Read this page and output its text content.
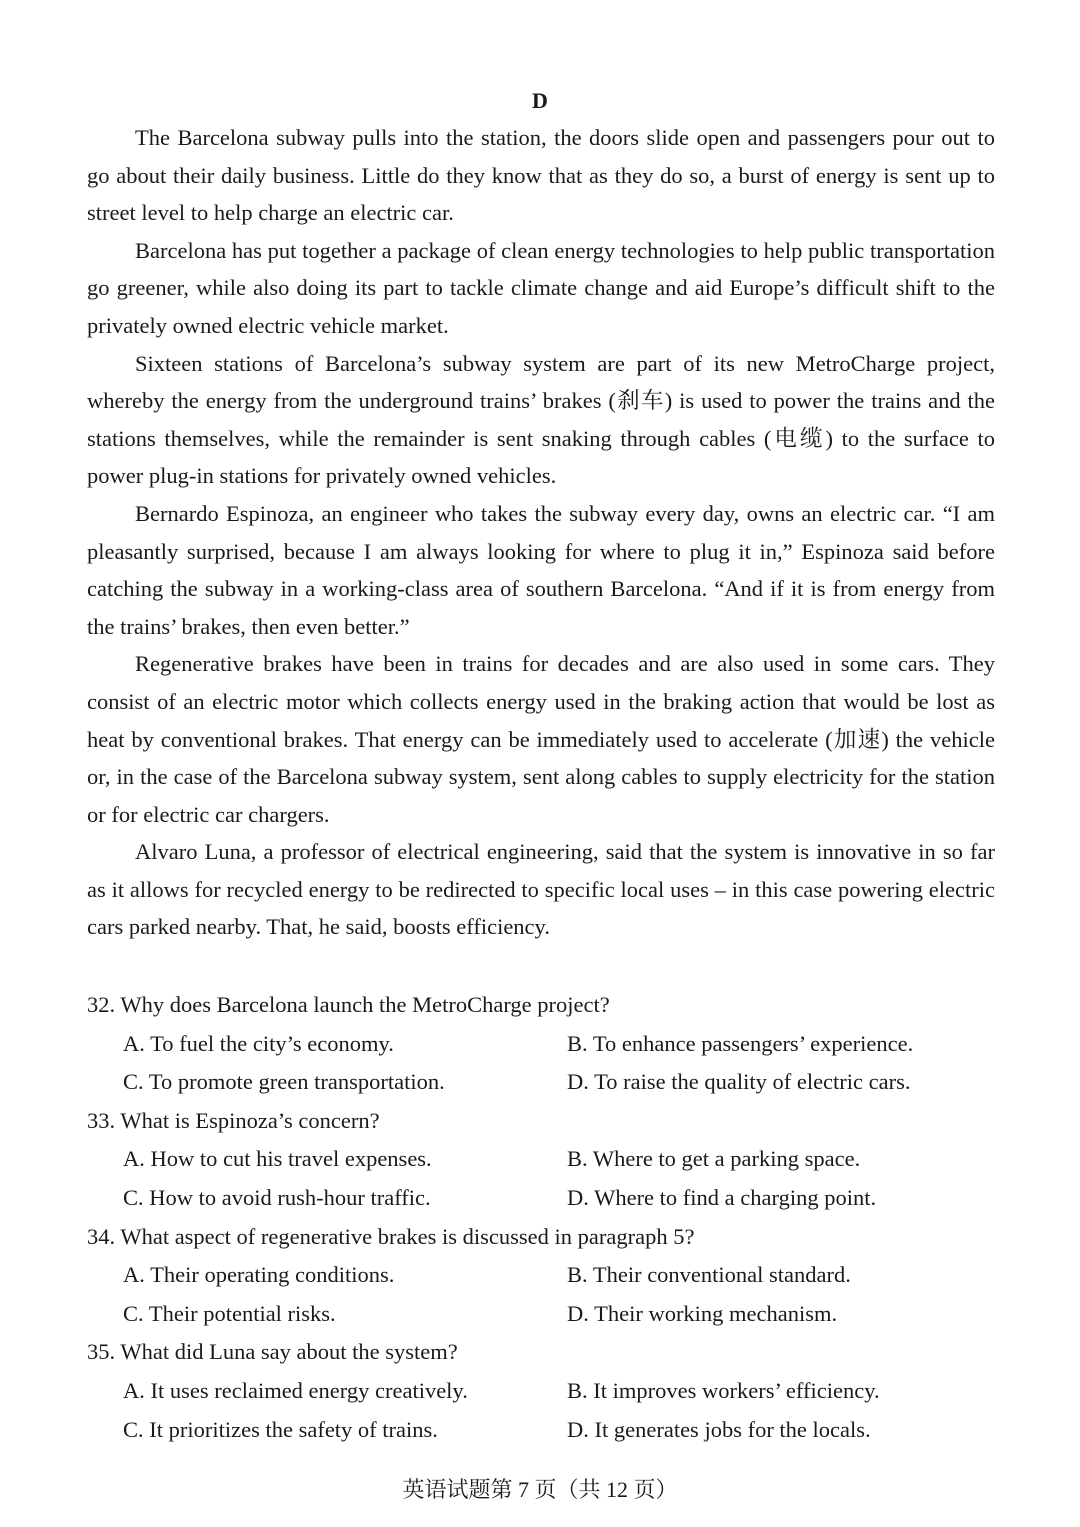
D

The Barcelona subway pulls into the station, the doors slide open and passengers pour out to go about their daily business. Little do they know that as they do so, a burst of energy is sent up to street level to help charge an electric car.

Barcelona has put together a package of clean energy technologies to help public transportation go greener, while also doing its part to tackle climate change and aid Europe’s difficult shift to the privately owned electric vehicle market.

Sixteen stations of Barcelona’s subway system are part of its new MetroCharge project, whereby the energy from the underground trains’ brakes (刹车) is used to power the trains and the stations themselves, while the remainder is sent snaking through cables (电缆) to the surface to power plug-in stations for privately owned vehicles.

Bernardo Espinoza, an engineer who takes the subway every day, owns an electric car. “I am pleasantly surprised, because I am always looking for where to plug it in,” Espinoza said before catching the subway in a working-class area of southern Barcelona. “And if it is from energy from the trains’ brakes, then even better.”

Regenerative brakes have been in trains for decades and are also used in some cars. They consist of an electric motor which collects energy used in the braking action that would be lost as heat by conventional brakes. That energy can be immediately used to accelerate (加速) the vehicle or, in the case of the Barcelona subway system, sent along cables to supply electricity for the station or for electric car chargers.

Alvaro Luna, a professor of electrical engineering, said that the system is innovative in so far as it allows for recycled energy to be redirected to specific local uses – in this case powering electric cars parked nearby. That, he said, boosts efficiency.

32. Why does Barcelona launch the MetroCharge project?
A. To fuel the city’s economy.	B. To enhance passengers’ experience.
C. To promote green transportation.	D. To raise the quality of electric cars.
33. What is Espinoza’s concern?
A. How to cut his travel expenses.	B. Where to get a parking space.
C. How to avoid rush-hour traffic.	D. Where to find a charging point.
34. What aspect of regenerative brakes is discussed in paragraph 5?
A. Their operating conditions.	B. Their conventional standard.
C. Their potential risks.	D. Their working mechanism.
35. What did Luna say about the system?
A. It uses reclaimed energy creatively.	B. It improves workers’ efficiency.
C. It prioritizes the safety of trains.	D. It generates jobs for the locals.
英语试题第 7 页（共 12 页）
